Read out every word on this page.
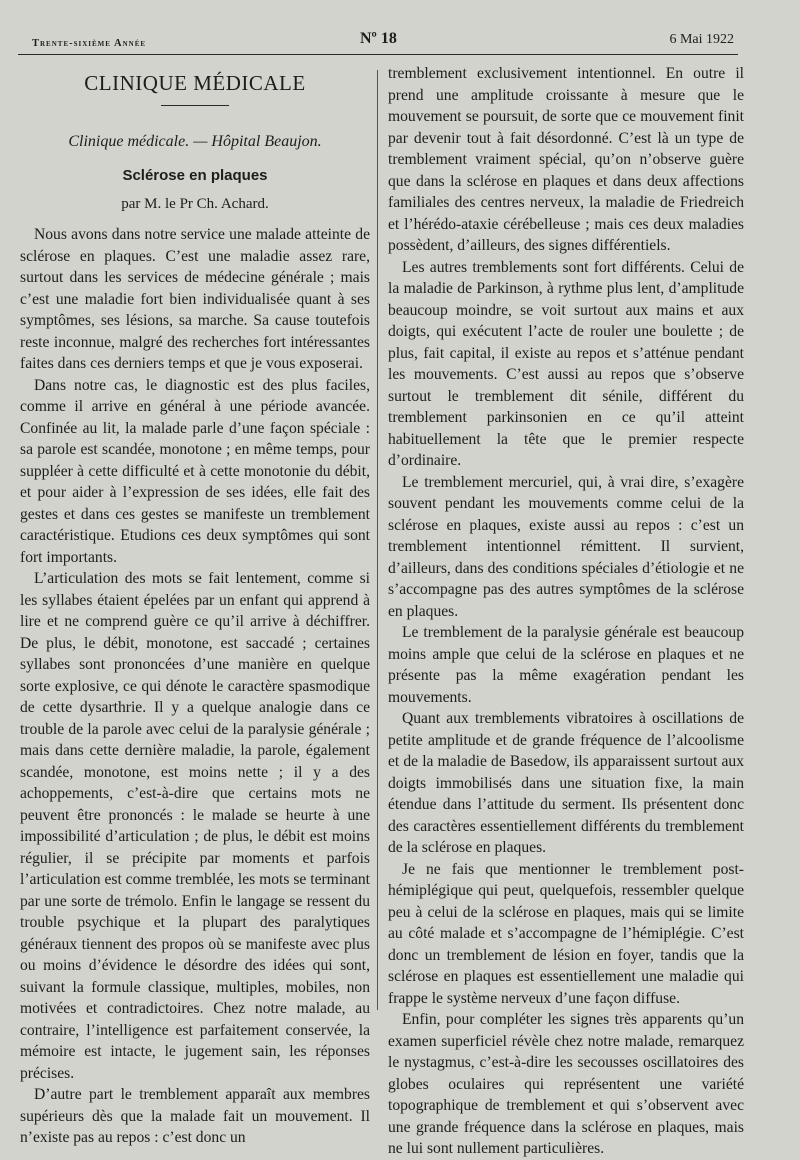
Trente-sixième Année	Nº 18	6 Mai 1922
CLINIQUE MÉDICALE
Clinique médicale. — Hôpital Beaujon.
Sclérose en plaques
par M. le Pr Ch. Achard.

Nous avons dans notre service une malade atteinte de sclérose en plaques. C’est une maladie assez rare, surtout dans les services de médecine générale ; mais c’est une maladie fort bien individualisée quant à ses symptômes, ses lésions, sa marche. Sa cause toutefois reste inconnue, malgré des recherches fort intéressantes faites dans ces derniers temps et que je vous exposerai.

Dans notre cas, le diagnostic est des plus faciles, comme il arrive en général à une période avancée. Confinée au lit, la malade parle d’une façon spéciale : sa parole est scandée, monotone ; en même temps, pour suppléer à cette difficulté et à cette monotonie du débit, et pour aider à l’expression de ses idées, elle fait des gestes et dans ces gestes se manifeste un tremblement caractéristique. Etudions ces deux symptômes qui sont fort importants.

L’articulation des mots se fait lentement, comme si les syllabes étaient épelées par un enfant qui apprend à lire et ne comprend guère ce qu’il arrive à déchiffrer. De plus, le débit, monotone, est saccadé ; certaines syllabes sont prononcées d’une manière en quelque sorte explosive, ce qui dénote le caractère spasmodique de cette dysarthrie. Il y a quelque analogie dans ce trouble de la parole avec celui de la paralysie générale ; mais dans cette dernière maladie, la parole, également scandée, monotone, est moins nette ; il y a des achoppements, c’est-à-dire que certains mots ne peuvent être prononcés : le malade se heurte à une impossibilité d’articulation ; de plus, le débit est moins régulier, il se précipite par moments et parfois l’articulation est comme tremblée, les mots se terminant par une sorte de trémolo. Enfin le langage se ressent du trouble psychique et la plupart des paralytiques généraux tiennent des propos où se manifeste avec plus ou moins d’évidence le désordre des idées qui sont, suivant la formule classique, multiples, mobiles, non motivées et contradictoires. Chez notre malade, au contraire, l’intelligence est parfaitement conservée, la mémoire est intacte, le jugement sain, les réponses précises.

D’autre part le tremblement apparaît aux membres supérieurs dès que la malade fait un mouvement. Il n’existe pas au repos : c’est donc un

tremblement exclusivement intentionnel. En outre il prend une amplitude croissante à mesure que le mouvement se poursuit, de sorte que ce mouvement finit par devenir tout à fait désordonné. C’est là un type de tremblement vraiment spécial, qu’on n’observe guère que dans la sclérose en plaques et dans deux affections familiales des centres nerveux, la maladie de Friedreich et l’hérédo-ataxie cérébelleuse ; mais ces deux maladies possèdent, d’ailleurs, des signes différentiels.

Les autres tremblements sont fort différents. Celui de la maladie de Parkinson, à rythme plus lent, d’amplitude beaucoup moindre, se voit surtout aux mains et aux doigts, qui exécutent l’acte de rouler une boulette ; de plus, fait capital, il existe au repos et s’atténue pendant les mouvements. C’est aussi au repos que s’observe surtout le tremblement dit sénile, différent du tremblement parkinsonien en ce qu’il atteint habituellement la tête que le premier respecte d’ordinaire.

Le tremblement mercuriel, qui, à vrai dire, s’exagère souvent pendant les mouvements comme celui de la sclérose en plaques, existe aussi au repos : c’est un tremblement intentionnel rémittent. Il survient, d’ailleurs, dans des conditions spéciales d’étiologie et ne s’accompagne pas des autres symptômes de la sclérose en plaques.

Le tremblement de la paralysie générale est beaucoup moins ample que celui de la sclérose en plaques et ne présente pas la même exagération pendant les mouvements.

Quant aux tremblements vibratoires à oscillations de petite amplitude et de grande fréquence de l’alcoolisme et de la maladie de Basedow, ils apparaissent surtout aux doigts immobilisés dans une situation fixe, la main étendue dans l’attitude du serment. Ils présentent donc des caractères essentiellement différents du tremblement de la sclérose en plaques.

Je ne fais que mentionner le tremblement post-hémiplégique qui peut, quelquefois, ressembler quelque peu à celui de la sclérose en plaques, mais qui se limite au côté malade et s’accompagne de l’hémiplégie. C’est donc un tremblement de lésion en foyer, tandis que la sclérose en plaques est essentiellement une maladie qui frappe le système nerveux d’une façon diffuse.

Enfin, pour compléter les signes très apparents qu’un examen superficiel révèle chez notre malade, remarquez le nystagmus, c’est-à-dire les secousses oscillatoires des globes oculaires qui représentent une variété topographique de tremblement et qui s’observent avec une grande fréquence dans la sclérose en plaques, mais ne lui sont nullement particulières.
